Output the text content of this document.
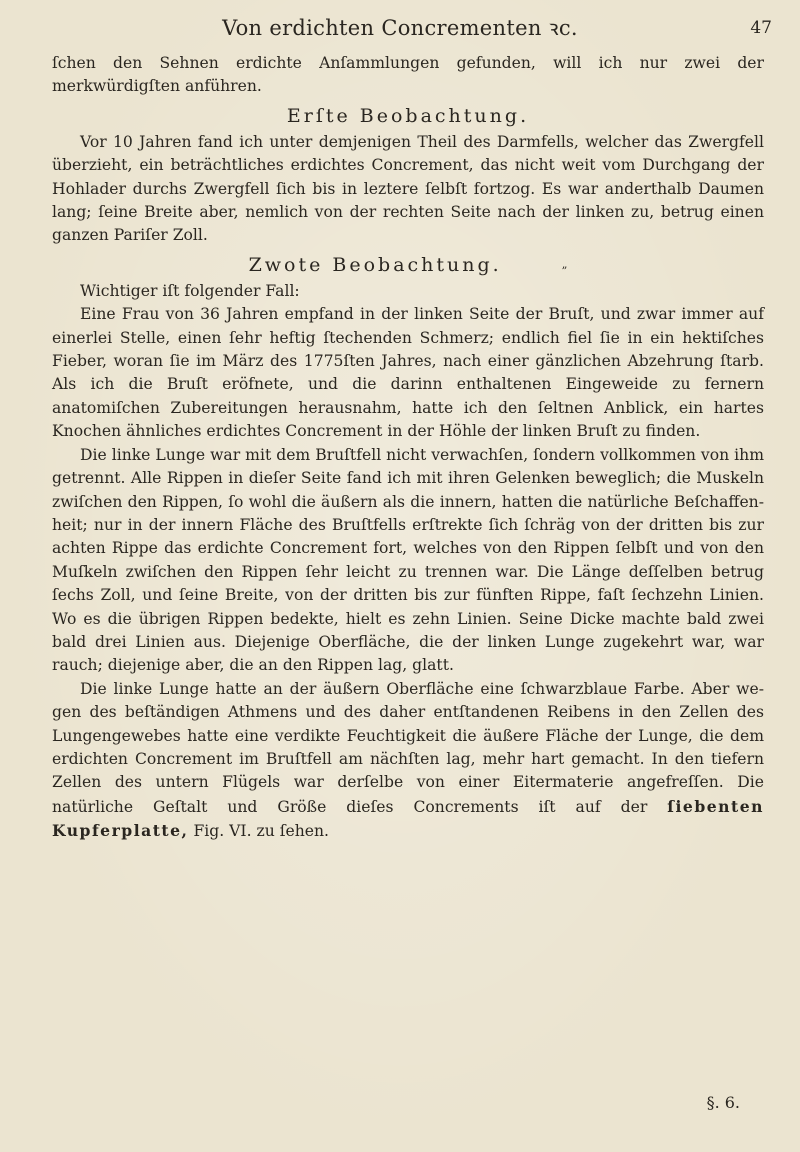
Von erdichten Concrementen ꝛc.	47

ſchen den Sehnen erdichte Anſammlungen gefunden, will ich nur zwei der merkwürdigſten anführen.

Erſte Beobachtung.

Vor 10 Jahren fand ich unter demjenigen Theil des Darmfells, welcher das Zwergfell überzieht, ein beträchtliches erdichtes Concrement, das nicht weit vom Durchgang der Hohlader durchs Zwergfell ſich bis in leztere ſelbſt fortzog. Es war anderthalb Daumen lang; ſeine Breite aber, nemlich von der rechten Seite nach der linken zu, betrug einen ganzen Pariſer Zoll.

Zwote Beobachtung.	„

Wichtiger iſt folgender Fall:

Eine Frau von 36 Jahren empfand in der linken Seite der Bruſt, und zwar immer auf einerlei Stelle, einen ſehr heftig ſtechenden Schmerz; endlich fiel ſie in ein hektiſches Fieber, woran ſie im März des 1775ſten Jahres, nach einer gänzlichen Abzehrung ſtarb. Als ich die Bruſt eröfnete, und die darinn enthaltenen Eingeweide zu fernern anatomiſchen Zubereitungen herausnahm, hatte ich den ſeltnen Anblick, ein hartes Knochen ähnliches erdichtes Concrement in der Höhle der linken Bruſt zu finden.

Die linke Lunge war mit dem Bruſtfell nicht verwachſen, ſondern vollkommen von ihm getrennt. Alle Rippen in dieſer Seite fand ich mit ihren Gelenken beweglich; die Muskeln zwiſchen den Rippen, ſo wohl die äußern als die innern, hatten die natürliche Beſchaffenheit; nur in der innern Fläche des Bruſtfells erſtrekte ſich ſchräg von der dritten bis zur achten Rippe das erdichte Concrement fort, welches von den Rippen ſelbſt und von den Muſkeln zwiſchen den Rippen ſehr leicht zu trennen war. Die Länge deſſelben betrug ſechs Zoll, und ſeine Breite, von der dritten bis zur fünften Rippe, faſt ſechzehn Linien. Wo es die übrigen Rippen bedekte, hielt es zehn Linien. Seine Dicke machte bald zwei bald drei Linien aus. Diejenige Oberfläche, die der linken Lunge zugekehrt war, war rauch; diejenige aber, die an den Rippen lag, glatt.

Die linke Lunge hatte an der äußern Oberfläche eine ſchwarzblaue Farbe. Aber wegen des beſtändigen Athmens und des daher entſtandenen Reibens in den Zellen des Lungengewebes hatte eine verdikte Feuchtigkeit die äußere Fläche der Lunge, die dem erdichten Concrement im Bruſtfell am nächſten lag, mehr hart gemacht. In den tiefern Zellen des untern Flügels war derſelbe von einer Eitermaterie angefreſſen. Die natürliche Geſtalt und Größe dieſes Concrements iſt auf der ſiebenten Kupferplatte, Fig. VI. zu ſehen.

§. 6.
